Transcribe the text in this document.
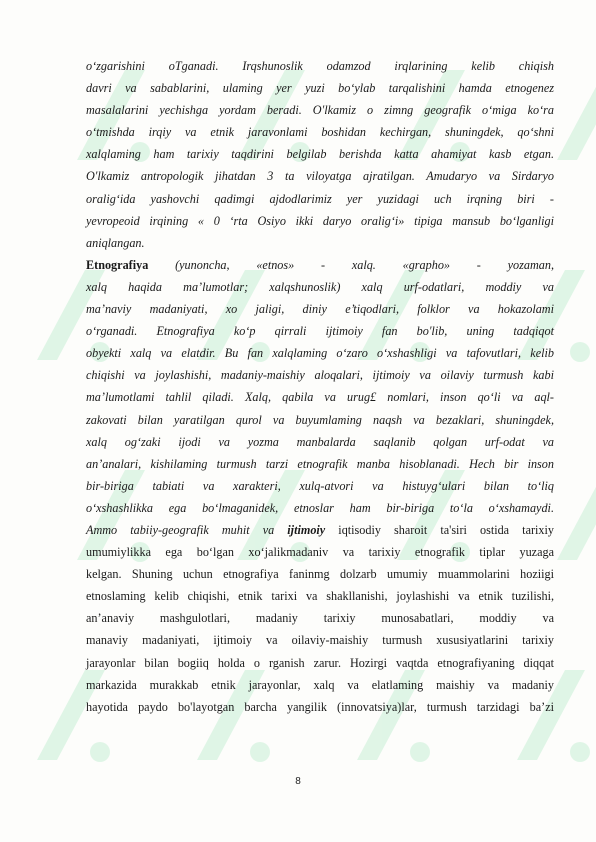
o‘zgarishini oTganadi. Irqshunoslik odamzod irqlarining kelib chiqish
davri va sabablarini, ulaming yer yuzi bo‘ylab tarqalishini hamda etnogenez
masalalarini yechishga yordam beradi. O'lkamiz o zimng geografik o‘miga ko‘ra
o‘tmishda irqiy va etnik jaravonlami boshidan kechirgan, shuningdek, qo‘shni
xalqlaming ham tarixiy taqdirini belgilab berishda katta ahamiyat kasb etgan.
O'lkamiz antropologik jihatdan 3 ta viloyatga ajratilgan. Amudaryo va Sirdaryo
oralig‘ida yashovchi qadimgi ajdodlarimiz yer yuzidagi uch irqning biri -
yevropeoid irqining « 0 ‘rta Osiyo ikki daryo oralig‘i» tipiga mansub bo‘lganligi
aniqlangan.
Etnografiya (yunoncha, «etnos» - xalq. «grapho» - yozaman,
xalq haqida ma’lumotlar; xalqshunoslik) xalq urf-odatlari, moddiy va
ma’naviy madaniyati, xo jaligi, diniy e’tiqodlari, folklor va hokazolami
o‘rganadi. Etnografiya ko‘p qirrali ijtimoiy fan bo'lib, uning tadqiqot
obyekti xalq va elatdir. Bu fan xalqlaming o‘zaro o‘xshashligi va tafovutlari, kelib
chiqishi va joylashishi, madaniy-maishiy aloqalari, ijtimoiy va oilaviy turmush kabi
ma’lumotlami tahlil qiladi. Xalq, qabila va urug£ nomlari, inson qo‘li va aql-
zakovati bilan yaratilgan qurol va buyumlaming naqsh va bezaklari, shuningdek,
xalq og‘zaki ijodi va yozma manbalarda saqlanib qolgan urf-odat va
an’analari, kishilaming turmush tarzi etnografik manba hisoblanadi. Hech bir inson
bir-biriga tabiati va xarakteri, xulq-atvori va histuyg‘ulari bilan to‘liq
o‘xshashlikka ega bo‘lmaganidek, etnoslar ham bir-biriga to‘la o‘xshamaydi.
Ammo tabiiy-geografik muhit va ijtimoiy iqtisodiy sharoit ta'siri ostida tarixiy
umumiylikka ega bo‘lgan xo‘jalikmadaniv va tarixiy etnografik tiplar yuzaga
kelgan. Shuning uchun etnografiya faninmg dolzarb umumiy muammolarini hoziigi
etnoslaming kelib chiqishi, etnik tarixi va shakllanishi, joylashishi va etnik tuzilishi,
an’anaviy mashgulotlari, madaniy tarixiy munosabatlari, moddiy va
manaviy madaniyati, ijtimoiy va oilaviy-maishiy turmush xususiyatlarini tarixiy
jarayonlar bilan bogiiq holda o rganish zarur. Hozirgi vaqtda etnografiyaning diqqat
markazida murakkab etnik jarayonlar, xalq va elatlaming maishiy va madaniy
hayotida paydo bo'layotgan barcha yangilik (innovatsiya)lar, turmush tarzidagi ba’zi
8
